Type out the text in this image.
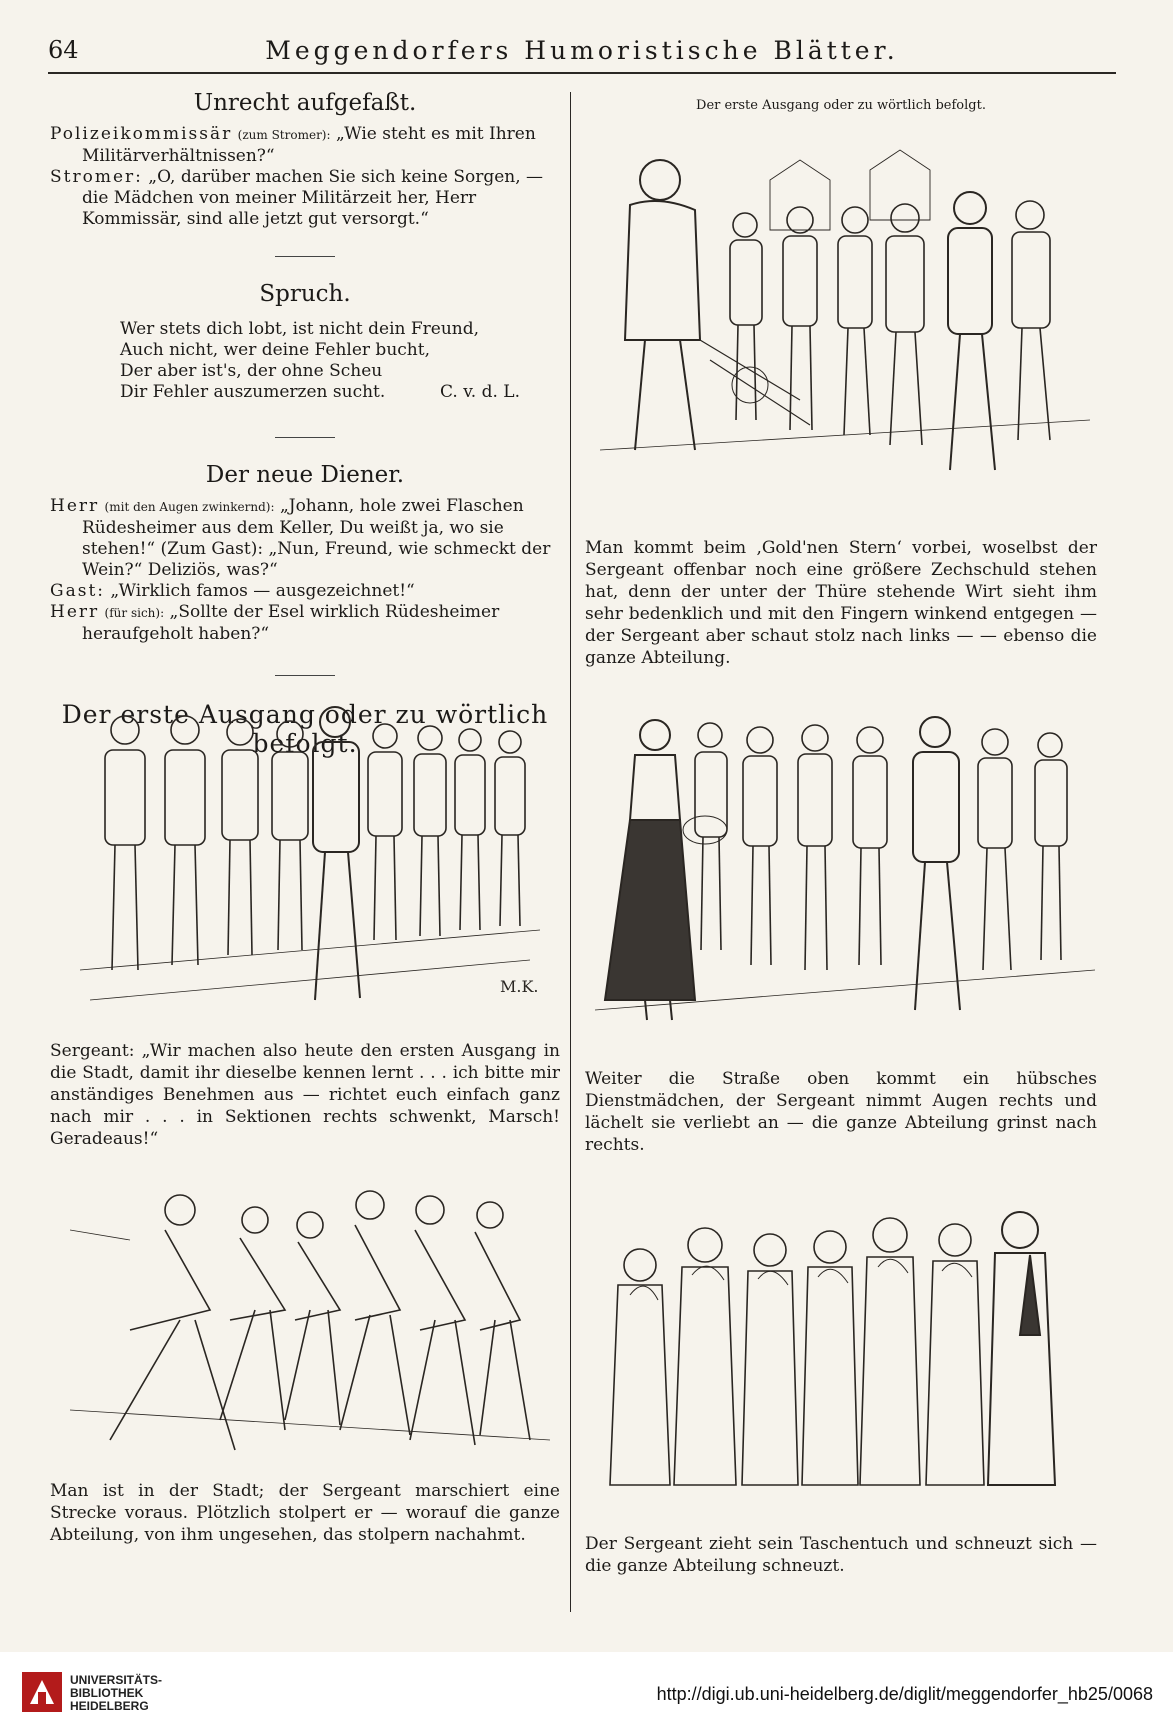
64	Meggendorfers Humoristische Blätter.
Unrecht aufgefaßt.

Polizeikommissär (zum Stromer): „Wie steht es mit Ihren Militärverhältnissen?“

Stromer: „O, darüber machen Sie sich keine Sorgen, — die Mädchen von meiner Militärzeit her, Herr Kommissär, sind alle jetzt gut versorgt.“

Spruch.
Wer stets dich lobt, ist nicht dein Freund,
Auch nicht, wer deine Fehler bucht,
Der aber ist's, der ohne Scheu
Dir Fehler auszumerzen sucht.	C. v. d. L.
Der neue Diener.

Herr (mit den Augen zwinkernd): „Johann, hole zwei Flaschen Rüdesheimer aus dem Keller, Du weißt ja, wo sie stehen!“ (Zum Gast): „Nun, Freund, wie schmeckt der Wein?“ Deliziös, was?“

Gast: „Wirklich famos — ausgezeichnet!“

Herr (für sich): „Sollte der Esel wirklich Rüdesheimer heraufgeholt haben?“

Der erste Ausgang oder zu wörtlich befolgt.
M.K.
Sergeant: „Wir machen also heute den ersten Ausgang in die Stadt, damit ihr dieselbe kennen lernt . . . ich bitte mir anständiges Benehmen aus — richtet euch einfach ganz nach mir . . . in Sektionen rechts schwenkt, Marsch! Geradeaus!“
Man ist in der Stadt; der Sergeant marschiert eine Strecke voraus. Plötzlich stolpert er — worauf die ganze Abteilung, von ihm ungesehen, das stolpern nachahmt.
Der erste Ausgang oder zu wörtlich befolgt.
Man kommt beim ‚Gold'nen Stern‘ vorbei, woselbst der Sergeant offenbar noch eine größere Zechschuld stehen hat, denn der unter der Thüre stehende Wirt sieht ihm sehr bedenklich und mit den Fingern winkend entgegen — der Sergeant aber schaut stolz nach links — — ebenso die ganze Abteilung.
Weiter die Straße oben kommt ein hübsches Dienstmädchen, der Sergeant nimmt Augen rechts und lächelt sie verliebt an — die ganze Abteilung grinst nach rechts.
Der Sergeant zieht sein Taschentuch und schneuzt sich — die ganze Abteilung schneuzt.
UNIVERSITÄTS-
BIBLIOTHEK
HEIDELBERG
http://digi.ub.uni-heidelberg.de/diglit/meggendorfer_hb25/0068
